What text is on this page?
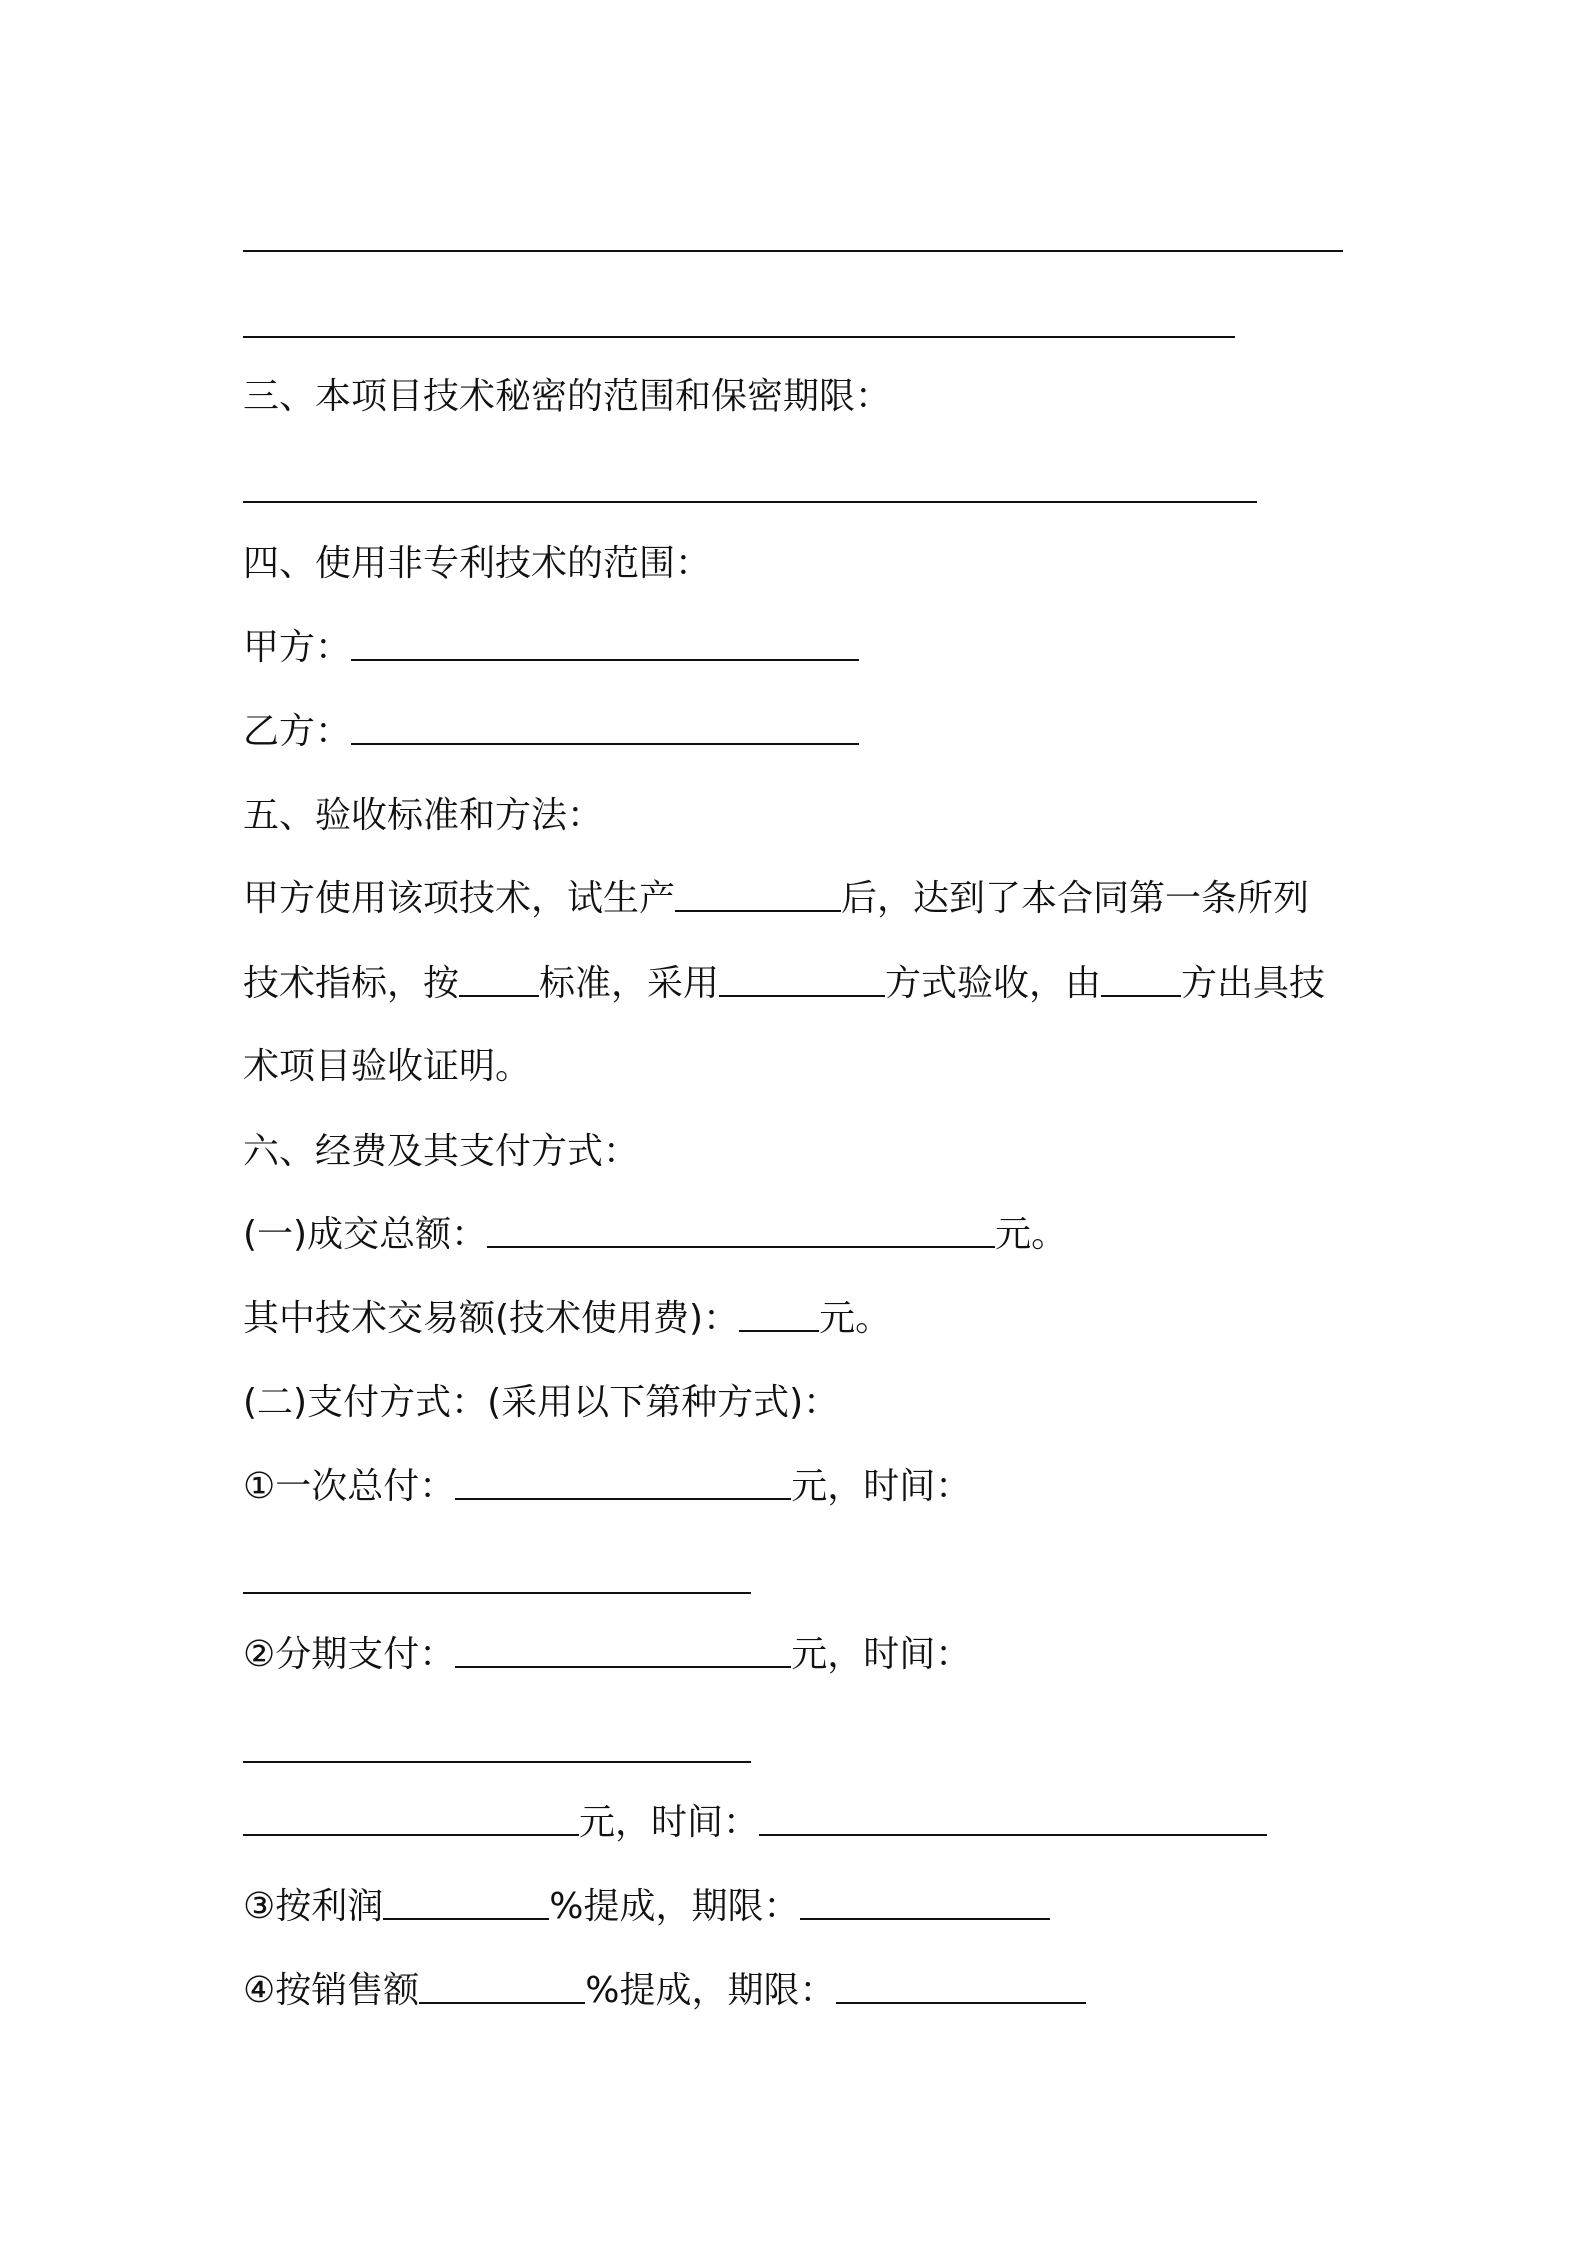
三、本项目技术秘密的范围和保密期限：
四、使用非专利技术的范围：
甲方：
乙方：
五、验收标准和方法：
甲方使用该项技术，试生产	后，达到了本合同第一条所列
技术指标，按 标准，采用	方式验收，由 方出具技
术项目验收证明。
六、经费及其支付方式：
(一)成交总额：	元。
其中技术交易额(技术使用费)： 元。
(二)支付方式：(采用以下第种方式)：
①一次总付：	元，时间：
②分期支付：	元，时间：
元，时间：
③按利润	%提成，期限：
④按销售额	%提成，期限：
